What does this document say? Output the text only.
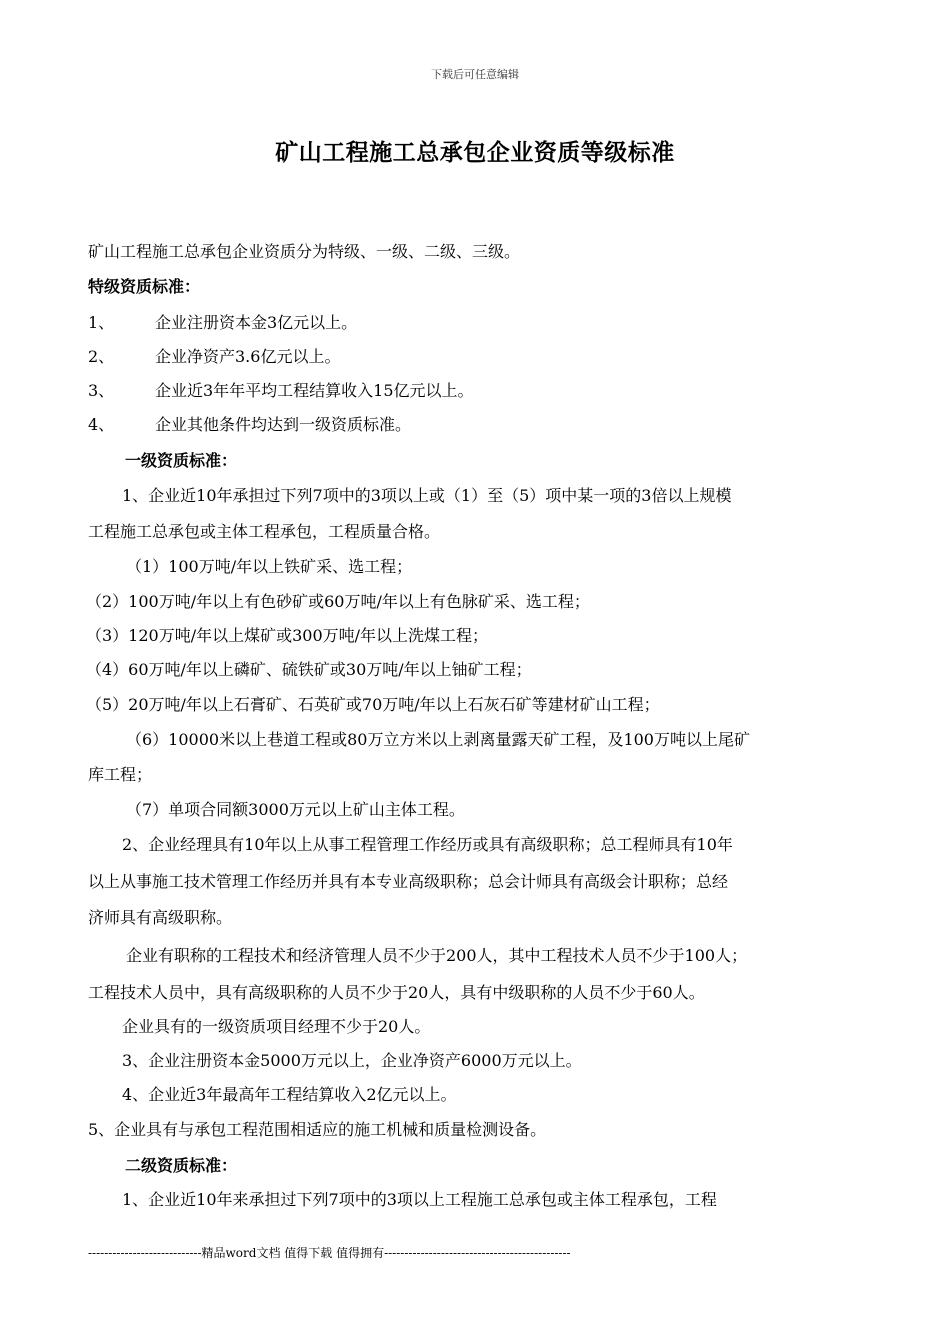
下载后可任意编辑
矿山工程施工总承包企业资质等级标准
矿山工程施工总承包企业资质分为特级、一级、二级、三级。
特级资质标准：
1、	企业注册资本金3亿元以上。
2、	企业净资产3.6亿元以上。
3、	企业近3年年平均工程结算收入15亿元以上。
4、	企业其他条件均达到一级资质标准。
一级资质标准：
1、企业近10年承担过下列7项中的3项以上或（1）至（5）项中某一项的3倍以上规模
工程施工总承包或主体工程承包，工程质量合格。
（1）100万吨/年以上铁矿采、选工程；
（2）100万吨/年以上有色砂矿或60万吨/年以上有色脉矿采、选工程；
（3）120万吨/年以上煤矿或300万吨/年以上洗煤工程；
（4）60万吨/年以上磷矿、硫铁矿或30万吨/年以上铀矿工程；
（5）20万吨/年以上石膏矿、石英矿或70万吨/年以上石灰石矿等建材矿山工程；
（6）10000米以上巷道工程或80万立方米以上剥离量露天矿工程，及100万吨以上尾矿
库工程；
（7）单项合同额3000万元以上矿山主体工程。
2、企业经理具有10年以上从事工程管理工作经历或具有高级职称；总工程师具有10年
以上从事施工技术管理工作经历并具有本专业高级职称；总会计师具有高级会计职称；总经
济师具有高级职称。
企业有职称的工程技术和经济管理人员不少于200人，其中工程技术人员不少于100人；
工程技术人员中，具有高级职称的人员不少于20人，具有中级职称的人员不少于60人。
企业具有的一级资质项目经理不少于20人。
3、企业注册资本金5000万元以上，企业净资产6000万元以上。
4、企业近3年最高年工程结算收入2亿元以上。
5、企业具有与承包工程范围相适应的施工机械和质量检测设备。
二级资质标准：
1、企业近10年来承担过下列7项中的3项以上工程施工总承包或主体工程承包，工程
----------------------------精品word文档 值得下载 值得拥有----------------------------------------------
